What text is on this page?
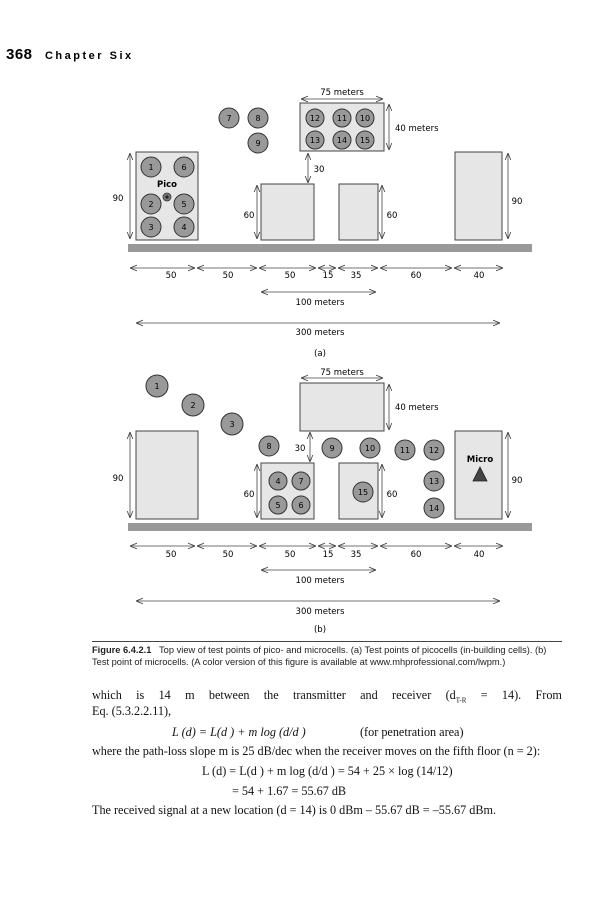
368 Chapter Six
90
60	60
90
30
40 meters
75 meters
50	50	50	15 35	60	40
100 meters
300 meters
(a)
7	8
9
12 11 10
13 14 15
1	6
2	5
3	4
Pico
90
60	60
90
30
40 meters
75 meters
50	50	50	15 35	60	40
100 meters
300 meters
(b)
1
2
3
8	9	10	11 12
13
14
4 7
5 6
15
Micro
Figure 6.4.2.1 Top view of test points of pico- and microcells. (a) Test points of picocells (in-building cells). (b) Test point of microcells. (A color version of this figure is available at www.mhprofessional.com/lwpm.)
which is 14 m between the transmitter and receiver $(d_{T-R} = 14)$. From
Eq. (5.3.2.2.11),
L (d) = L(d ) + m log (d/d )	(for penetration area)
where the path-loss slope m is 25 dB/dec when the receiver moves on the fifth floor (n = 2):
L (d) = L(d ) + m log (d/d ) = 54 + 25 × log (14/12)
= 54 + 1.67 = 55.67 dB
The received signal at a new location (d = 14) is 0 dBm – 55.67 dB = –55.67 dBm.
